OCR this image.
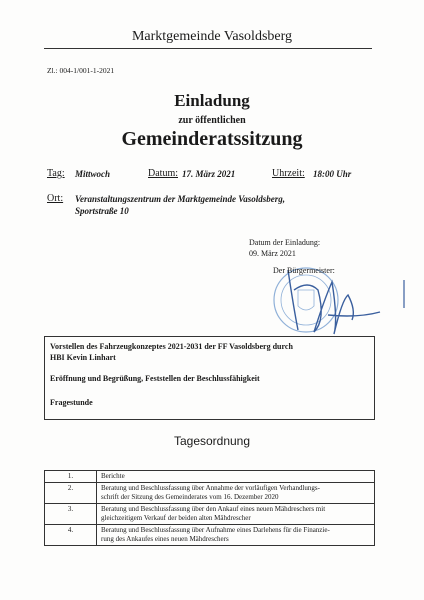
Marktgemeinde Vasoldsberg
Zl.: 004-1/001-1-2021
Einladung
zur öffentlichen
Gemeinderatssitzung
Tag: Mittwoch	Datum: 17. März 2021	Uhrzeit: 18:00 Uhr
Ort: Veranstaltungszentrum der Marktgemeinde Vasoldsberg,
Sportstraße 10
Datum der Einladung:
09. März 2021
Der Bürgermeister:
Vorstellen des Fahrzeugkonzeptes 2021-2031 der FF Vasoldsberg durch
HBI Kevin Linhart
Eröffnung und Begrüßung, Feststellen der Beschlussfähigkeit
Fragestunde
Tagesordnung
1.	Berichte
2.	Beratung und Beschlussfassung über Annahme der vorläufigen Verhandlungs-
schrift der Sitzung des Gemeinderates vom 16. Dezember 2020
3.	Beratung und Beschlussfassung über den Ankauf eines neuen Mähdreschers mit
gleichzeitigem Verkauf der beiden alten Mähdrescher
4.	Beratung und Beschlussfassung über Aufnahme eines Darlehens für die Finanzie-
rung des Ankaufes eines neuen Mähdreschers
